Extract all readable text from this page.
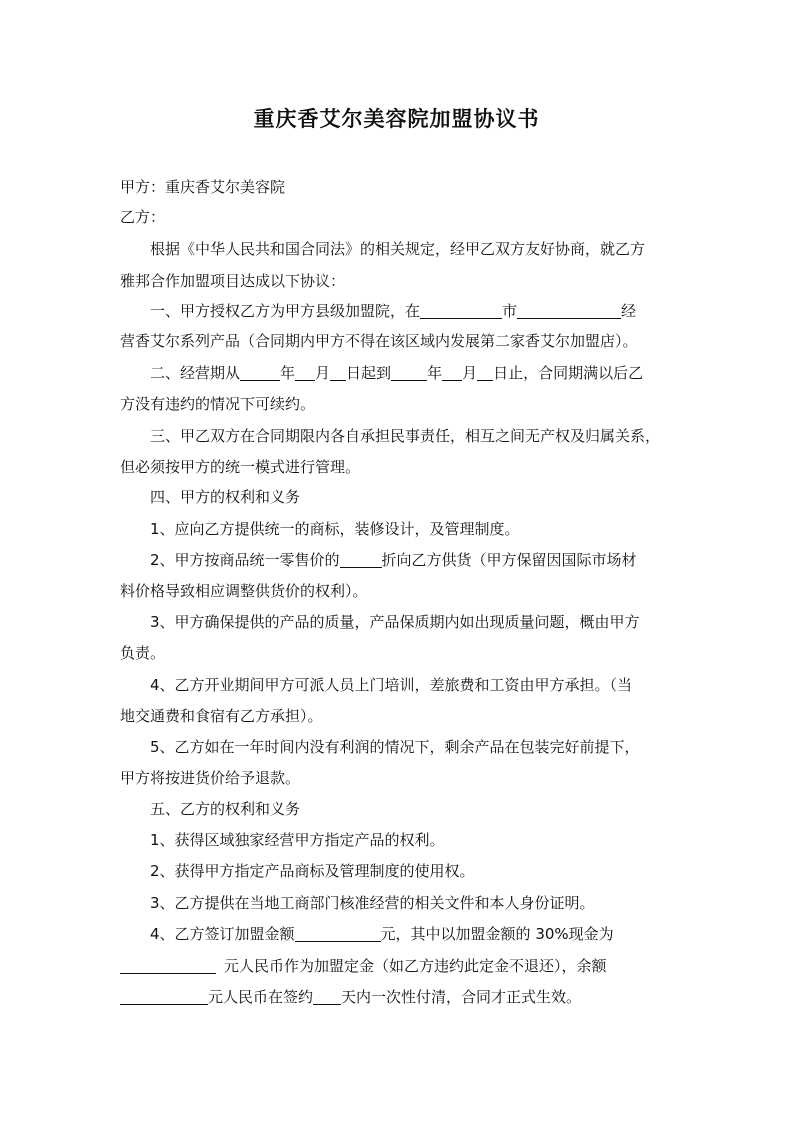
重庆香艾尔美容院加盟协议书
甲方：重庆香艾尔美容院
乙方：
根据《中华人民共和国合同法》的相关规定，经甲乙双方友好协商，就乙方
雅邦合作加盟项目达成以下协议：
一、甲方授权乙方为甲方县级加盟院，在	市	经
营香艾尔系列产品（合同期内甲方不得在该区域内发展第二家香艾尔加盟店）。
二、经营期从	年 月 日起到 年 月 日止，合同期满以后乙
方没有违约的情况下可续约。
三、甲乙双方在合同期限内各自承担民事责任，相互之间无产权及归属关系，
但必须按甲方的统一模式进行管理。
四、甲方的权利和义务
1、应向乙方提供统一的商标，装修设计，及管理制度。
2、甲方按商品统一零售价的	折向乙方供货（甲方保留因国际市场材
料价格导致相应调整供货价的权利）。
3、甲方确保提供的产品的质量，产品保质期内如出现质量问题，概由甲方
负责。
4、乙方开业期间甲方可派人员上门培训，差旅费和工资由甲方承担。（当
地交通费和食宿有乙方承担）。
5、乙方如在一年时间内没有利润的情况下，剩余产品在包装完好前提下，
甲方将按进货价给予退款。
五、乙方的权利和义务
1、获得区域独家经营甲方指定产品的权利。
2、获得甲方指定产品商标及管理制度的使用权。
3、乙方提供在当地工商部门核准经营的相关文件和本人身份证明。
4、乙方签订加盟金额	元，其中以加盟金额的 30%现金为
元人民币作为加盟定金（如乙方违约此定金不退还），余额
元人民币在签约 天内一次性付清，合同才正式生效。
